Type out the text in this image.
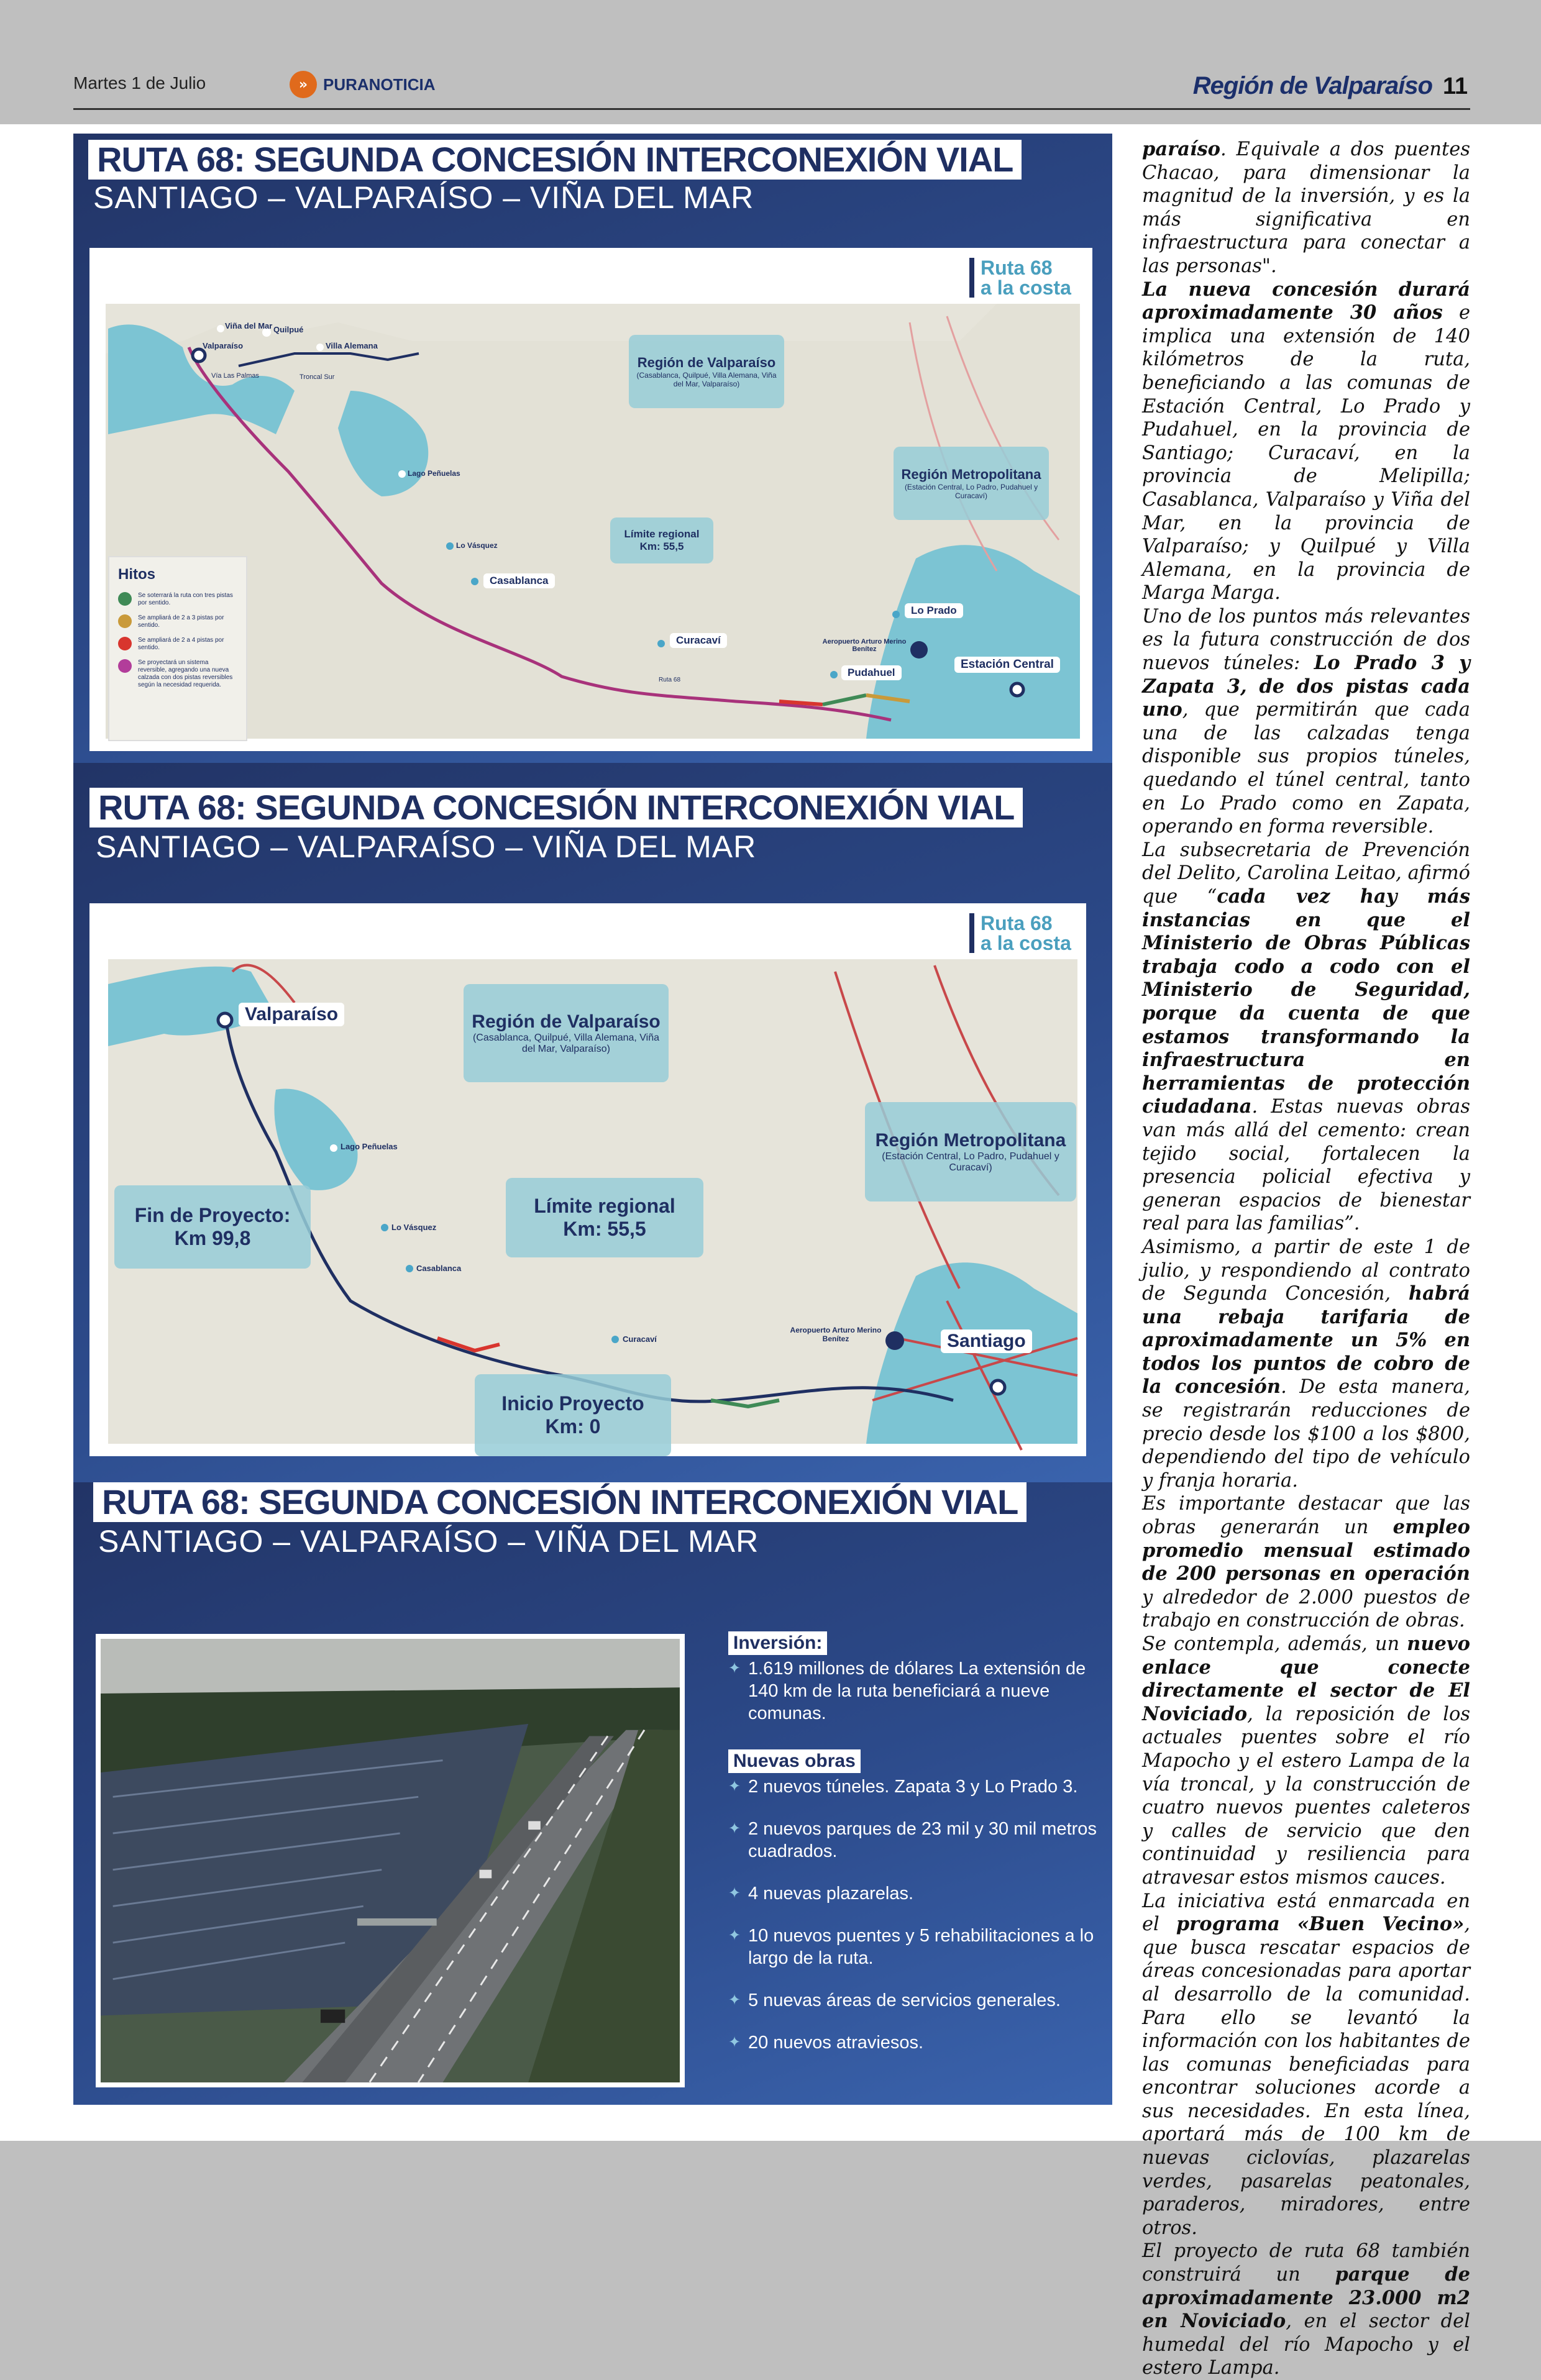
Martes 1 de Julio	» PURANOTICIA	Región de Valparaíso 11
RUTA 68: SEGUNDA CONCESIÓN INTERCONEXIÓN VIAL
SANTIAGO – VALPARAÍSO – VIÑA DEL MAR
Ruta 68
a la costa
Viña del Mar Quilpué
Villa Alemana
Valparaíso
Vía Las Palmas	Troncal Sur
Lago Peñuelas
Lo Vásquez
Casablanca
Curacaví
Lo Prado
Aeropuerto Arturo Merino Benítez
Pudahuel
Estación Central
Ruta 68
Región de Valparaíso
(Casablanca, Quilpué, Villa Alemana, Viña del Mar, Valparaíso)
Región Metropolitana
(Estación Central, Lo Padro, Pudahuel y Curacaví)
Límite regional
Km: 55,5
Hitos
Se soterrará la ruta con tres pistas por sentido.
Se ampliará de 2 a 3 pistas por sentido.
Se ampliará de 2 a 4 pistas por sentido.
Se proyectará un sistema reversible, agregando una nueva calzada con dos pistas reversibles según la necesidad requerida.
RUTA 68: SEGUNDA CONCESIÓN INTERCONEXIÓN VIAL
SANTIAGO – VALPARAÍSO – VIÑA DEL MAR
Ruta 68
a la costa
Valparaíso
Lago Peñuelas
Lo Vásquez
Casablanca
Curacaví
Aeropuerto Arturo Merino Benítez	Santiago
Región de Valparaíso
(Casablanca, Quilpué, Villa Alemana, Viña del Mar, Valparaíso)
Región Metropolitana
(Estación Central, Lo Padro, Pudahuel y Curacaví)
Fin de Proyecto:
Km 99,8
Límite regional
Km: 55,5
Inicio Proyecto
Km: 0
RUTA 68: SEGUNDA CONCESIÓN INTERCONEXIÓN VIAL
SANTIAGO – VALPARAÍSO – VIÑA DEL MAR
Inversión:
✦ 1.619 millones de dólares La extensión de 140 km de la ruta beneficiará a nueve comunas.
Nuevas obras
✦ 2 nuevos túneles. Zapata 3 y Lo Prado 3.
✦ 2 nuevos parques de 23 mil y 30 mil metros cuadrados.
✦ 4 nuevas plazarelas.
✦ 10 nuevos puentes y 5 rehabilitaciones a lo largo de la ruta.
✦ 5 nuevas áreas de servicios generales.
✦ 20 nuevos atraviesos.

paraíso. Equivale a dos puentes Chacao, para dimensionar la magnitud de la inversión, y es la más significativa en infraestructura para conectar a las personas".

La nueva concesión durará aproximadamente 30 años e implica una extensión de 140 kilómetros de la ruta, beneficiando a las comunas de Estación Central, Lo Prado y Pudahuel, en la provincia de Santiago; Curacaví, en la provincia de Melipilla; Casablanca, Valparaíso y Viña del Mar, en la provincia de Valparaíso; y Quilpué y Villa Alemana, en la provincia de Marga Marga.

Uno de los puntos más relevantes es la futura construcción de dos nuevos túneles: Lo Prado 3 y Zapata 3, de dos pistas cada uno, que permitirán que cada una de las calzadas tenga disponible sus propios túneles, quedando el túnel central, tanto en Lo Prado como en Zapata, operando en forma reversible.

La subsecretaria de Prevención del Delito, Carolina Leitao, afirmó que “cada vez hay más instancias en que el Ministerio de Obras Públicas trabaja codo a codo con el Ministerio de Seguridad, porque da cuenta de que estamos transformando la infraestructura en herramientas de protección ciudadana. Estas nuevas obras van más allá del cemento: crean tejido social, fortalecen la presencia policial efectiva y generan espacios de bienestar real para las familias”.

Asimismo, a partir de este 1 de julio, y respondiendo al contrato de Segunda Concesión, habrá una rebaja tarifaria de aproximadamente un 5% en todos los puntos de cobro de la concesión. De esta manera, se registrarán reducciones de precio desde los $100 a los $800, dependiendo del tipo de vehículo y franja horaria.

Es importante destacar que las obras generarán un empleo promedio mensual estimado de 200 personas en operación y alrededor de 2.000 puestos de trabajo en construcción de obras.

Se contempla, además, un nuevo enlace que conecte directamente el sector de El Noviciado, la reposición de los actuales puentes sobre el río Mapocho y el estero Lampa de la vía troncal, y la construcción de cuatro nuevos puentes caleteros y calles de servicio que den continuidad y resiliencia para atravesar estos mismos cauces.

La iniciativa está enmarcada en el programa «Buen Vecino», que busca rescatar espacios de áreas concesionadas para aportar al desarrollo de la comunidad. Para ello se levantó la información con los habitantes de las comunas beneficiadas para encontrar soluciones acorde a sus necesidades. En esta línea, aportará más de 100 km de nuevas ciclovías, plazarelas verdes, pasarelas peatonales, paraderos, miradores, entre otros.

El proyecto de ruta 68 también construirá un parque de aproximadamente 23.000 m2 en Noviciado, en el sector del humedal del río Mapocho y el estero Lampa.
